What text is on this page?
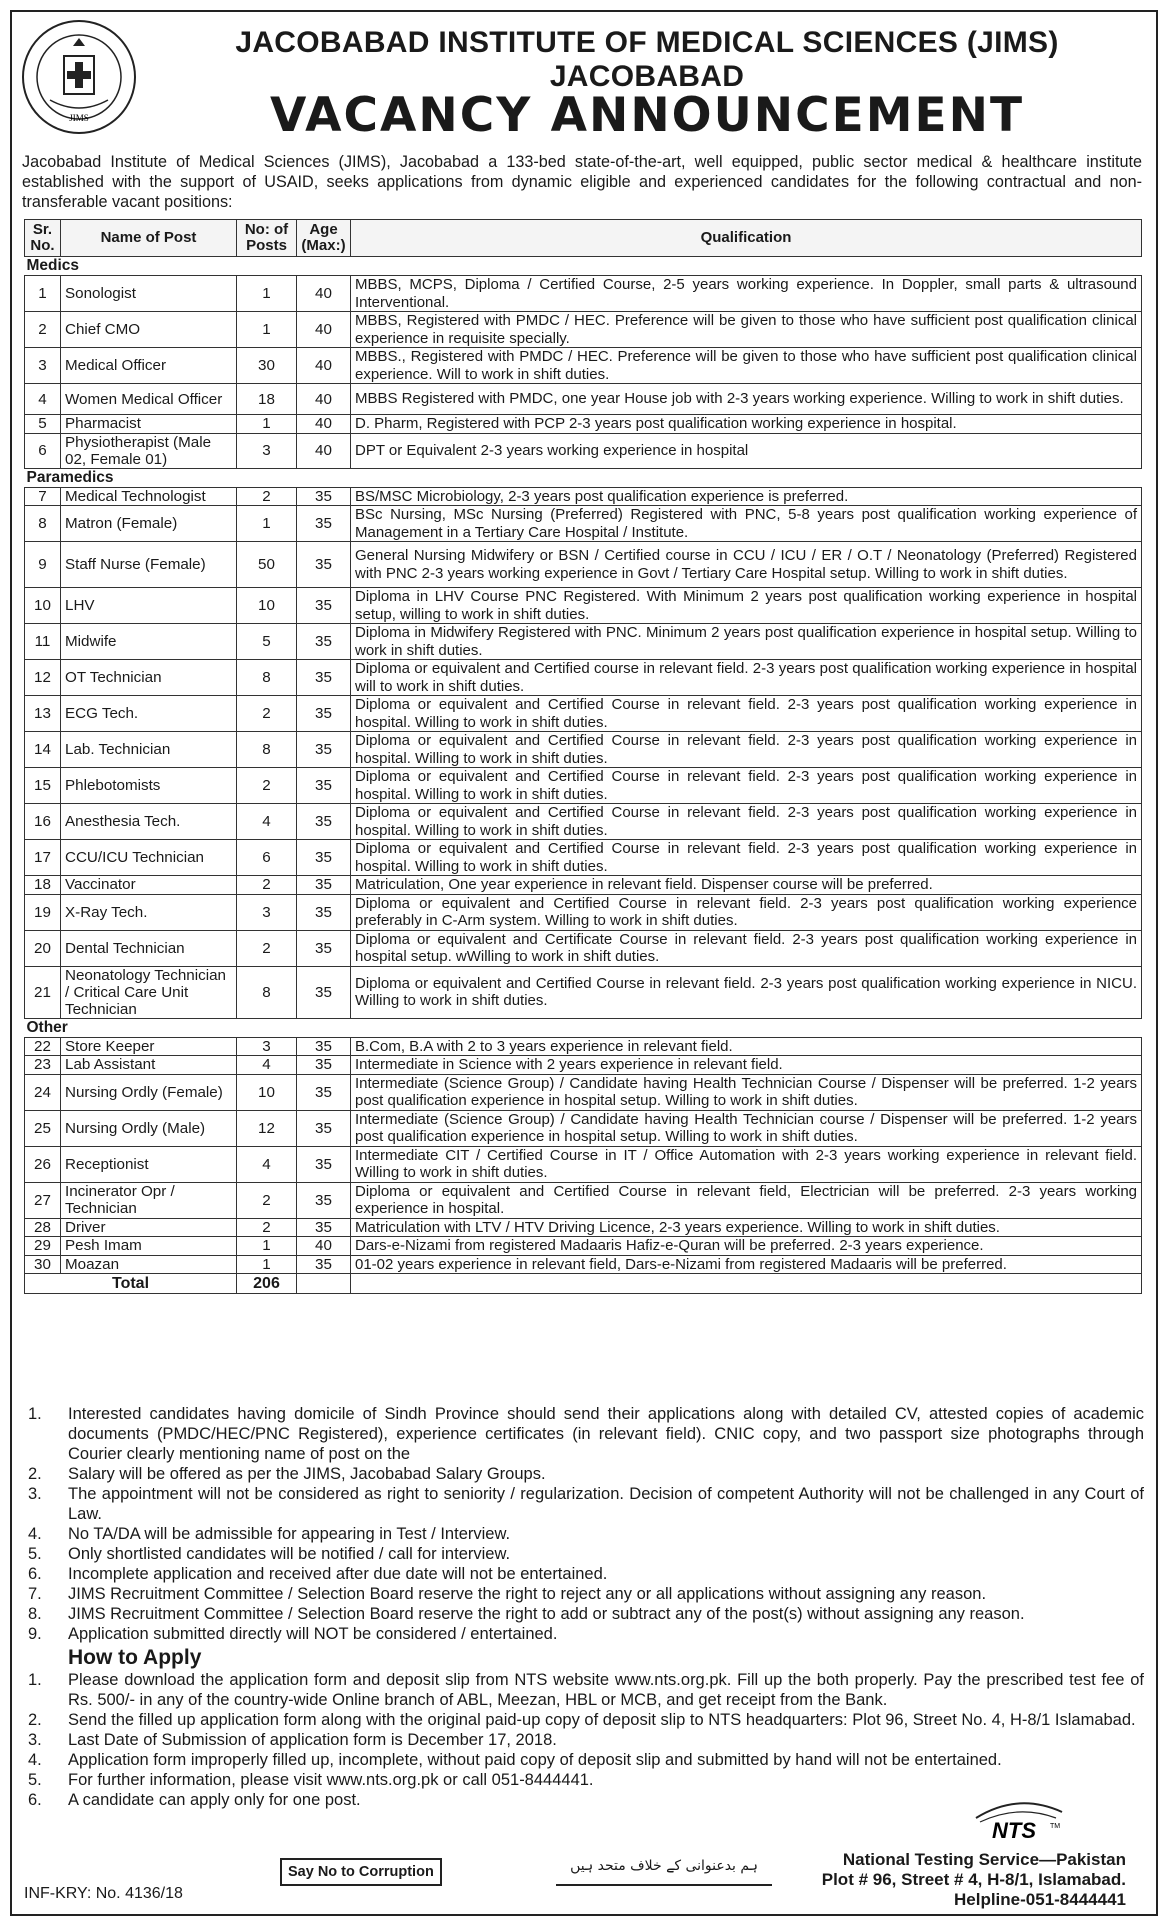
JIMS
JACOBABAD INSTITUTE OF MEDICAL SCIENCES (JIMS) JACOBABAD
VACANCY ANNOUNCEMENT
Jacobabad Institute of Medical Sciences (JIMS), Jacobabad a 133-bed state-of-the-art, well equipped, public sector medical & healthcare institute established with the support of USAID, seeks applications from dynamic eligible and experienced candidates for the following contractual and non-transferable vacant positions:
Sr. No.	Name of Post	No: of Posts	Age (Max:)	Qualification
Medics				
1	Sonologist	1	40	MBBS, MCPS, Diploma / Certified Course, 2-5 years working experience. In Doppler, small parts & ultrasound Interventional.
2	Chief CMO	1	40	MBBS, Registered with PMDC / HEC. Preference will be given to those who have sufficient post qualification clinical experience in requisite specially.
3	Medical Officer	30	40	MBBS., Registered with PMDC / HEC. Preference will be given to those who have sufficient post qualification clinical experience. Will to work in shift duties.
4	Women Medical Officer	18	40	MBBS Registered with PMDC, one year House job with 2-3 years working experience. Willing to work in shift duties.
5	Pharmacist	1	40	D. Pharm, Registered with PCP 2-3 years post qualification working experience in hospital.
6	Physiotherapist (Male 02, Female 01)	3	40	DPT or Equivalent 2-3 years working experience in hospital
Paramedics				
7	Medical Technologist	2	35	BS/MSC Microbiology, 2-3 years post qualification experience is preferred.
8	Matron (Female)	1	35	BSc Nursing, MSc Nursing (Preferred) Registered with PNC, 5-8 years post qualification working experience of Management in a Tertiary Care Hospital / Institute.
9	Staff Nurse (Female)	50	35	General Nursing Midwifery or BSN / Certified course in CCU / ICU / ER / O.T / Neonatology (Preferred) Registered with PNC 2-3 years working experience in Govt / Tertiary Care Hospital setup. Willing to work in shift duties.
10	LHV	10	35	Diploma in LHV Course PNC Registered. With Minimum 2 years post qualification working experience in hospital setup, willing to work in shift duties.
11	Midwife	5	35	Diploma in Midwifery Registered with PNC. Minimum 2 years post qualification experience in hospital setup. Willing to work in shift duties.
12	OT Technician	8	35	Diploma or equivalent and Certified course in relevant field. 2-3 years post qualification working experience in hospital will to work in shift duties.
13	ECG Tech.	2	35	Diploma or equivalent and Certified Course in relevant field. 2-3 years post qualification working experience in hospital. Willing to work in shift duties.
14	Lab. Technician	8	35	Diploma or equivalent and Certified Course in relevant field. 2-3 years post qualification working experience in hospital. Willing to work in shift duties.
15	Phlebotomists	2	35	Diploma or equivalent and Certified Course in relevant field. 2-3 years post qualification working experience in hospital. Willing to work in shift duties.
16	Anesthesia Tech.	4	35	Diploma or equivalent and Certified Course in relevant field. 2-3 years post qualification working experience in hospital. Willing to work in shift duties.
17	CCU/ICU Technician	6	35	Diploma or equivalent and Certified Course in relevant field. 2-3 years post qualification working experience in hospital. Willing to work in shift duties.
18	Vaccinator	2	35	Matriculation, One year experience in relevant field. Dispenser course will be preferred.
19	X-Ray Tech.	3	35	Diploma or equivalent and Certified Course in relevant field. 2-3 years post qualification working experience preferably in C-Arm system. Willing to work in shift duties.
20	Dental Technician	2	35	Diploma or equivalent and Certificate Course in relevant field. 2-3 years post qualification working experience in hospital setup. wWilling to work in shift duties.
21	Neonatology Technician / Critical Care Unit Technician	8	35	Diploma or equivalent and Certified Course in relevant field. 2-3 years post qualification working experience in NICU. Willing to work in shift duties.
Other				
22	Store Keeper	3	35	B.Com, B.A with 2 to 3 years experience in relevant field.
23	Lab Assistant	4	35	Intermediate in Science with 2 years experience in relevant field.
24	Nursing Ordly (Female)	10	35	Intermediate (Science Group) / Candidate having Health Technician Course / Dispenser will be preferred. 1-2 years post qualification experience in hospital setup. Willing to work in shift duties.
25	Nursing Ordly (Male)	12	35	Intermediate (Science Group) / Candidate having Health Technician course / Dispenser will be preferred. 1-2 years post qualification experience in hospital setup. Willing to work in shift duties.
26	Receptionist	4	35	Intermediate CIT / Certified Course in IT / Office Automation with 2-3 years working experience in relevant field. Willing to work in shift duties.
27	Incinerator Opr / Technician	2	35	Diploma or equivalent and Certified Course in relevant field, Electrician will be preferred. 2-3 years working experience in hospital.
28	Driver	2	35	Matriculation with LTV / HTV Driving Licence, 2-3 years experience. Willing to work in shift duties.
29	Pesh Imam	1	40	Dars-e-Nizami from registered Madaaris Hafiz-e-Quran will be preferred. 2-3 years experience.
30	Moazan	1	35	01-02 years experience in relevant field, Dars-e-Nizami from registered Madaaris will be preferred.
Total		206		
1. Interested candidates having domicile of Sindh Province should send their applications along with detailed CV, attested copies of academic documents (PMDC/HEC/PNC Registered), experience certificates (in relevant field). CNIC copy, and two passport size photographs through Courier clearly mentioning name of post on the
2. Salary will be offered as per the JIMS, Jacobabad Salary Groups.
3. The appointment will not be considered as right to seniority / regularization. Decision of competent Authority will not be challenged in any Court of Law.
4. No TA/DA will be admissible for appearing in Test / Interview.
5. Only shortlisted candidates will be notified / call for interview.
6. Incomplete application and received after due date will not be entertained.
7. JIMS Recruitment Committee / Selection Board reserve the right to reject any or all applications without assigning any reason.
8. JIMS Recruitment Committee / Selection Board reserve the right to add or subtract any of the post(s) without assigning any reason.
9. Application submitted directly will NOT be considered / entertained.
How to Apply
1. Please download the application form and deposit slip from NTS website www.nts.org.pk. Fill up the both properly. Pay the prescribed test fee of Rs. 500/- in any of the country-wide Online branch of ABL, Meezan, HBL or MCB, and get receipt from the Bank.
2. Send the filled up application form along with the original paid-up copy of deposit slip to NTS headquarters: Plot 96, Street No. 4, H-8/1 Islamabad.
3. Last Date of Submission of application form is December 17, 2018.
4. Application form improperly filled up, incomplete, without paid copy of deposit slip and submitted by hand will not be entertained.
5. For further information, please visit www.nts.org.pk or call 051-8444441.
6. A candidate can apply only for one post.
INF-KRY: No. 4136/18
Say No to Corruption	ہم بدعنوانی کے خلاف متحد ہیں
NTS TM
National Testing Service—Pakistan
Plot # 96, Street # 4, H-8/1, Islamabad.
Helpline-051-8444441
